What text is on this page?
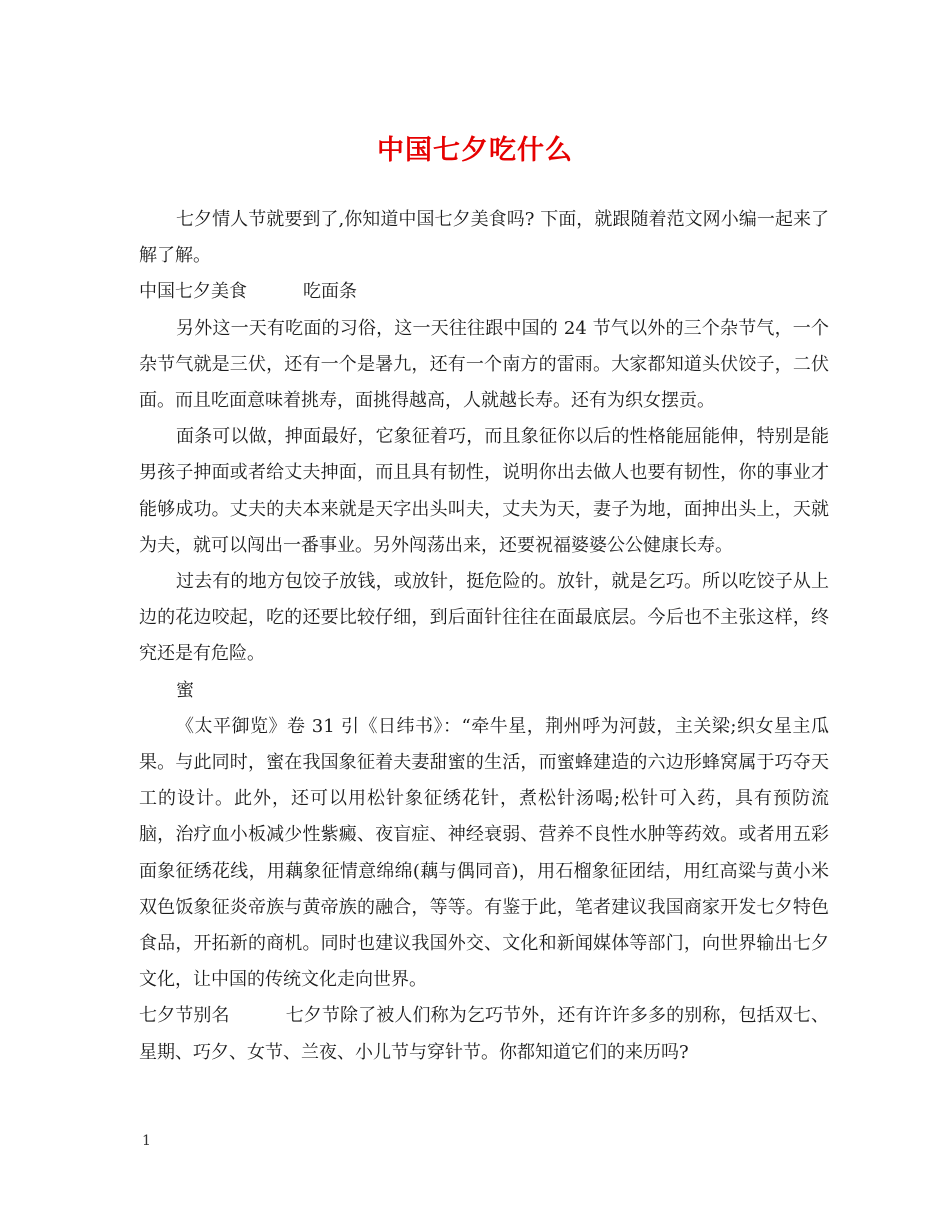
中国七夕吃什么

七夕情人节就要到了,你知道中国七夕美食吗? 下面，就跟随着范文网小编一起来了解了解。

中国七夕美食	吃面条

另外这一天有吃面的习俗，这一天往往跟中国的 24 节气以外的三个杂节气，一个杂节气就是三伏，还有一个是暑九，还有一个南方的雷雨。大家都知道头伏饺子，二伏面。而且吃面意味着挑寿，面挑得越高，人就越长寿。还有为织女摆贡。

面条可以做，抻面最好，它象征着巧，而且象征你以后的性格能屈能伸，特别是能男孩子抻面或者给丈夫抻面，而且具有韧性，说明你出去做人也要有韧性，你的事业才能够成功。丈夫的夫本来就是天字出头叫夫，丈夫为天，妻子为地，面抻出头上，天就为夫，就可以闯出一番事业。另外闯荡出来，还要祝福婆婆公公健康长寿。

过去有的地方包饺子放钱，或放针，挺危险的。放针，就是乞巧。所以吃饺子从上边的花边咬起，吃的还要比较仔细，到后面针往往在面最底层。今后也不主张这样，终究还是有危险。

蜜

《太平御览》卷 31 引《日纬书》：“牵牛星，荆州呼为河鼓，主关梁;织女星主瓜果。与此同时，蜜在我国象征着夫妻甜蜜的生活，而蜜蜂建造的六边形蜂窝属于巧夺天工的设计。此外，还可以用松针象征绣花针，煮松针汤喝;松针可入药，具有预防流脑，治疗血小板减少性紫癜、夜盲症、神经衰弱、营养不良性水肿等药效。或者用五彩面象征绣花线，用藕象征情意绵绵(藕与偶同音)，用石榴象征团结，用红高粱与黄小米双色饭象征炎帝族与黄帝族的融合，等等。有鉴于此，笔者建议我国商家开发七夕特色食品，开拓新的商机。同时也建议我国外交、文化和新闻媒体等部门，向世界输出七夕文化，让中国的传统文化走向世界。

七夕节别名	七夕节除了被人们称为乞巧节外，还有许许多多的别称，包括双七、星期、巧夕、女节、兰夜、小儿节与穿针节。你都知道它们的来历吗?

1
